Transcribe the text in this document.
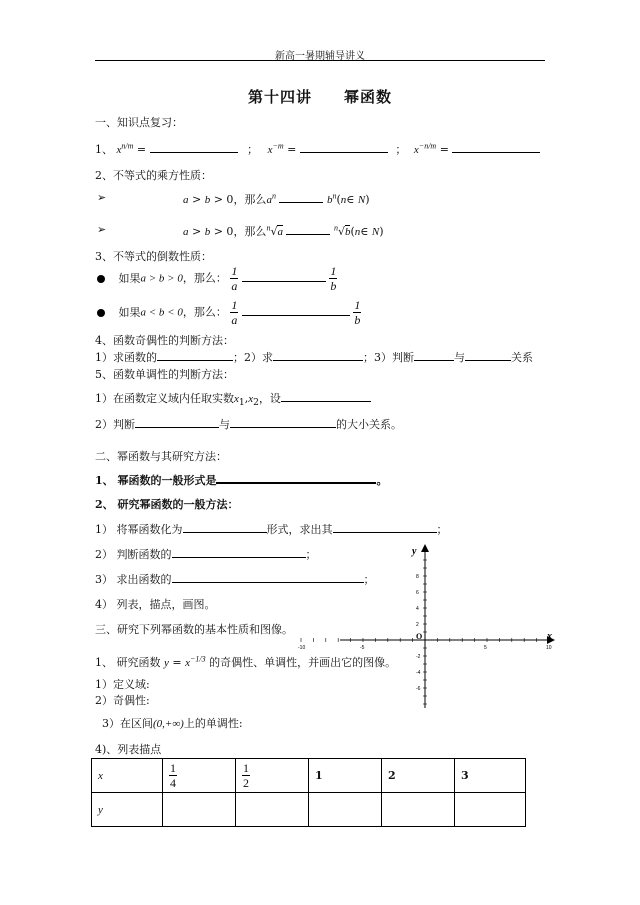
新高一暑期辅导讲义
第十四讲 幂函数
一、知识点复习：
1、 $x^{n/m}$ =	； $x^{-m}$ =	； $x^{-n/m}$ =
2、不等式的乘方性质：
➢	a > b > 0，那么$a^n$	$b^n(n\in$ N)
➢	a > b > 0，那么$^n$√a	$^n$√b(n∈ N)
3、不等式的倒数性质：
如果a > b > 0，那么： $\frac{1}{a}$
	$\frac{1}{b}$
如果a < b < 0，那么： $\frac{1}{a}$
	$\frac{1}{b}$
4、函数奇偶性的判断方法：
1）求函数的	；2）求	；3）判断	与	关系
5、函数单调性的判断方法：
1）在函数定义域内任取实数$x_1,x_2$，设
2）判断	与	的大小关系。
二、幂函数与其研究方法：
1、 幂函数的一般形式是	。
2、 研究幂函数的一般方法：
1） 将幂函数化为	形式，求出其	；
2） 判断函数的	；
3） 求出函数的	；
4） 列表，描点，画图。
三、研究下列幂函数的基本性质和图像。
1、 研究函数 $y = x^{-1/3}$ 的奇偶性、单调性，并画出它的图像。
1）定义域:
2）奇偶性:
3）在区间(0,+∞)上的单调性:
4)、列表描点
-10	-5	5	10
8
6
4
2
-2
-4
-6
x
y
O
x	$\frac{1}{4}$	$\frac{1}{2}$	1	2	3
y					
